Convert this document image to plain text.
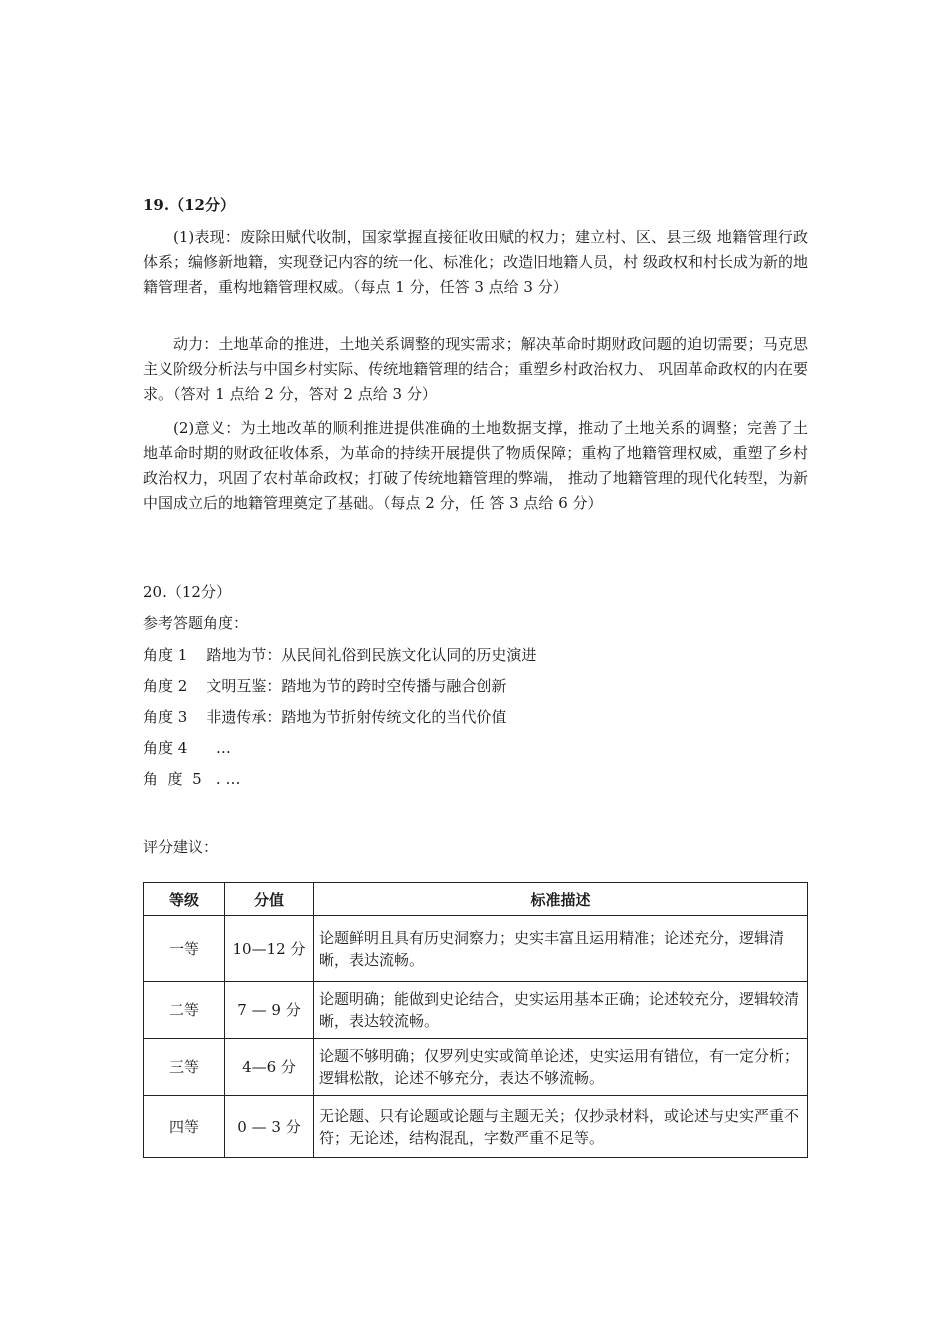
19.（12分）
(1)表现：废除田赋代收制，国家掌握直接征收田赋的权力；建立村、区、县三级 地籍管理行政体系；编修新地籍，实现登记内容的统一化、标准化；改造旧地籍人员，村 级政权和村长成为新的地籍管理者，重构地籍管理权威。（每点 1 分，任答 3 点给 3 分）
动力：土地革命的推进，土地关系调整的现实需求；解决革命时期财政问题的迫切需要；马克思主义阶级分析法与中国乡村实际、传统地籍管理的结合；重塑乡村政治权力、 巩固革命政权的内在要求。（答对 1 点给 2 分，答对 2 点给 3 分）
(2)意义：为土地改革的顺利推进提供准确的土地数据支撑，推动了土地关系的调整；完善了土地革命时期的财政征收体系，为革命的持续开展提供了物质保障；重构了地籍管理权威，重塑了乡村政治权力，巩固了农村革命政权；打破了传统地籍管理的弊端， 推动了地籍管理的现代化转型，为新中国成立后的地籍管理奠定了基础。（每点 2 分，任 答 3 点给 6 分）
20.（12分）
参考答题角度：
角度 1    踏地为节：从民间礼俗到民族文化认同的历史演进
角度 2    文明互鉴：踏地为节的跨时空传播与融合创新
角度 3    非遗传承：踏地为节折射传统文化的当代价值
角度 4      …
角  度  5   . …
评分建议：
等级	分值	标准描述
一等	10—12 分	论题鲜明且具有历史洞察力；史实丰富且运用精准；论述充分，逻辑清晰，表达流畅。
二等	7 — 9 分	论题明确；能做到史论结合，史实运用基本正确；论述较充分，逻辑较清晰，表达较流畅。
三等	4—6 分	论题不够明确；仅罗列史实或简单论述，史实运用有错位，有一定分析；逻辑松散，论述不够充分，表达不够流畅。
四等	0 — 3 分	无论题、只有论题或论题与主题无关；仅抄录材料，或论述与史实严重不符；无论述，结构混乱，字数严重不足等。
